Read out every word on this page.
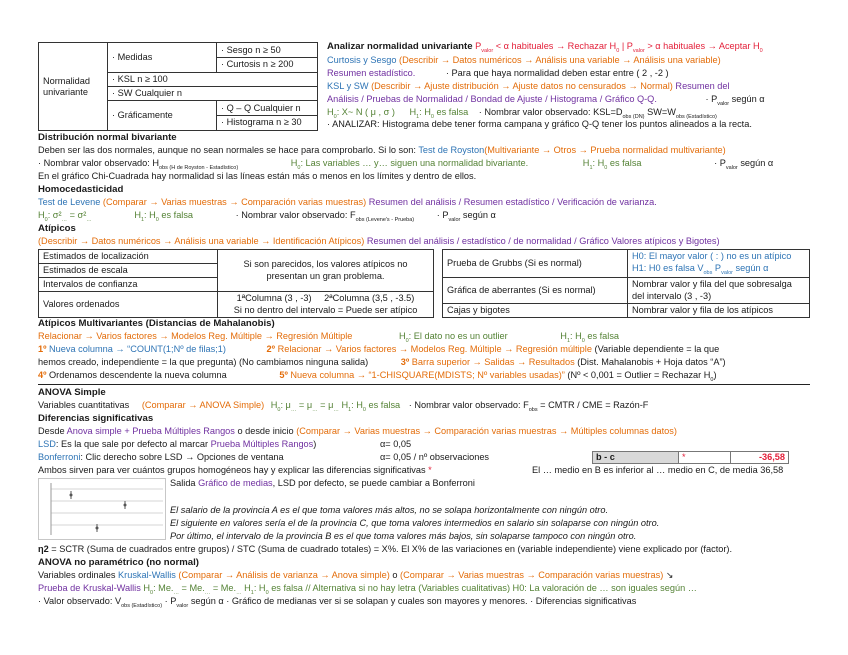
Normalidad univariante	· Medidas	· Sesgo n ≥ 50
· Curtosis n ≥ 200

	· KSL n ≥ 100	
	· SW Cualquier n	
	· Gráficamente	· Q – Q Cualquier n
· Histograma n ≥ 30
Analizar normalidad univariante $P_{valor} < \alpha$ habituales → Rechazar $H_0$ | $P_{valor} > \alpha$ habituales → Aceptar $H_0$
Curtosis y Sesgo (Describir → Datos numéricos → Análisis una variable → Análisis una variable)
Resumen estadístico.	· Para que haya normalidad deben estar entre ( 2 , -2 )
KSL y SW (Describir → Ajuste distribución → Ajuste datos no censurados → Normal) Resumen del
Análisis / Pruebas de Normalidad / Bondad de Ajuste / Histograma / Gráfico Q-Q.	· $P_{valor}$ según α
$H_0$: X~ N ( μ , σ ) $H_1$: $H_0$ es falsa · Nombrar valor observado: $KSL=D_{obs (DN)}$ $SW=W_{obs (Estadístico)}$
· ANALIZAR: Histograma debe tener forma campana y gráfico Q-Q tener los puntos alineados a la recta.
Distribución normal bivariante
Deben ser las dos normales, aunque no sean normales se hace para comprobarlo. Si lo son: Test de Royston(Multivariante → Otros → Prueba normalidad multivariante)
· Nombrar valor observado: $H_{obs (H de Royston - Estadístico)}$	$H_0$: Las variables … y… siguen una normalidad bivariante.	$H_1$: $H_0$ es falsa	· $P_{valor}$ según α
En el gráfico Chi-Cuadrada hay normalidad si las líneas están más o menos en los límites y dentro de ellos.
Homocedasticidad
Test de Levene (Comparar → Varias muestras → Comparación varias muestras) Resumen del análisis / Resumen estadístico / Verificación de varianza.
$H_0$: $\sigma^2_\dots = \sigma^2_\dots$	$H_1$: $H_0$ es falsa	· Nombrar valor observado: $F_{obs (Levene's - Prueba)} \cdot P_{valor}$ según α
Atípicos
(Describir → Datos numéricos → Análisis una variable → Identificación Atípicos) Resumen del análisis / estadístico / de normalidad / Gráfico Valores atípicos y Bigotes)
Estimados de localización	Si son parecidos, los valores atípicos no presentan un gran problema.
Estimados de escala	
Intervalos de confianza	
Valores ordenados	1ªColumna (3 , -3) 2ªColumna (3,5 , -3.5)
Si no dentro del intervalo = Puede ser atípico
Prueba de Grubbs (Si es normal)	H0: El mayor valor ( : ) no es un atípico
H1: H0 es falsa $V_{obs}$ $P_{valor}$ según α

Gráfica de aberrantes (Si es normal)	Nombrar valor y fila del que sobresalga del intervalo (3 , -3)
Cajas y bigotes	Nombrar valor y fila de los atípicos
Atípicos Multivariantes (Distancias de Mahalanobis)
Relacionar → Varios factores → Modelos Reg. Múltiple → Regresión Múltiple	$H_0$: El dato no es un outlier	$H_1$: $H_0$ es falsa
1º Nueva columna → “COUNT(1;Nº de filas;1)	2º Relacionar → Varios factores → Modelos Reg. Múltiple → Regresión múltiple (Variable dependiente = la que
hemos creado, independiente = la que pregunta) (No cambiamos ninguna salida)	3º Barra superior → Salidas → Resultados (Dist. Mahalanobis + Hoja datos “A”)
4º Ordenamos descendente la nueva columna	5º Nueva columna → “1-CHISQUARE(MDISTS; Nº variables usadas)” (Nº < 0,001 = Outlier = Rechazar $H_0$)
ANOVA Simple
Variables cuantitativas (Comparar → ANOVA Simple) $H_0$: $\mu_\dots = \mu_\dots = \mu_\dots$ $H_1$: $H_0$ es falsa · Nombrar valor observado: $F_{obs}$ = CMTR / CME = Razón-F
Diferencias significativas
Desde Anova simple + Prueba Múltiples Rangos o desde inicio (Comparar → Varias muestras → Comparación varias muestras → Múltiples columnas datos)
LSD: Es la que sale por defecto al marcar Prueba Múltiples Rangos)	α= 0,05
Bonferroni: Clic derecho sobre LSD → Opciones de ventana	α= 0,05 / nº observaciones	b - c	*	-36,58
Ambos sirven para ver cuántos grupos homogéneos hay y explicar las diferencias significativas *	El … medio en B es inferior al … medio en C, de media 36,58
Salida Gráfico de medias, LSD por defecto, se puede cambiar a Bonferroni
El salario de la provincia A es el que toma valores más altos, no se solapa horizontalmente con ningún otro.
El siguiente en valores sería el de la provincia C, que toma valores intermedios en salario sin solaparse con ningún otro.
Por último, el intervalo de la provincia B es el que toma valores más bajos, sin solaparse tampoco con ningún otro.
η2 = SCTR (Suma de cuadrados entre grupos) / STC (Suma de cuadrado totales) = X%. El X% de las variaciones en (variable independiente) viene explicado por (factor).
ANOVA no paramétrico (no normal)
Variables ordinales Kruskal-Wallis (Comparar → Análisis de varianza → Anova simple) o (Comparar → Varias muestras → Comparación varias muestras) ↘
Prueba de Kruskal-Wallis $H_0$: $Me._\dots = Me._\dots = Me._\dots$ $H_1$: $H_0$ es falsa // Alternativa si no hay letra (Variables cualitativas) H0: La valoración de … son iguales según …
· Valor observado: $V_{obs (Estadístico)} \cdot P_{valor}$ según α · Gráfico de medianas ver si se solapan y cuales son mayores y menores. · Diferencias significativas
